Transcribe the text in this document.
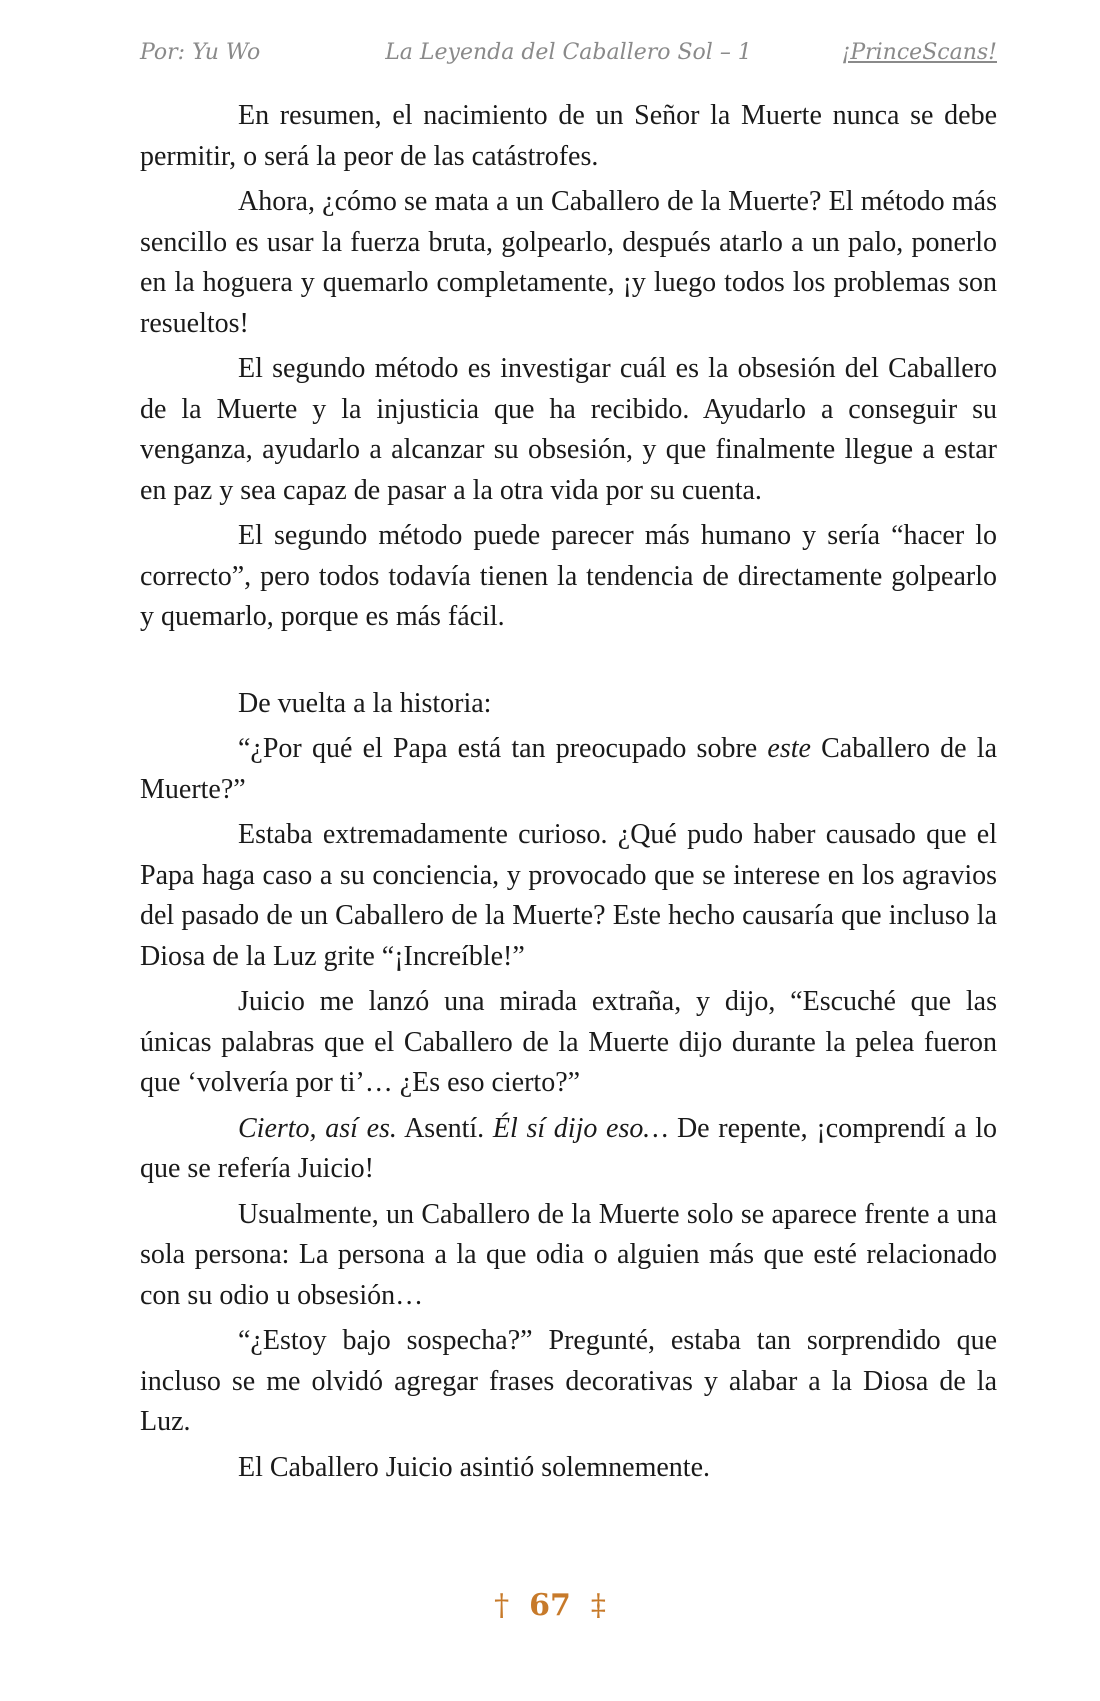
Por: Yu Wo	La Leyenda del Caballero Sol – 1	¡PrinceScans!

En resumen, el nacimiento de un Señor la Muerte nunca se debe permitir, o será la peor de las catástrofes.

Ahora, ¿cómo se mata a un Caballero de la Muerte? El método más sencillo es usar la fuerza bruta, golpearlo, después atarlo a un palo, ponerlo en la hoguera y quemarlo completamente, ¡y luego todos los problemas son resueltos!

El segundo método es investigar cuál es la obsesión del Caballero de la Muerte y la injusticia que ha recibido. Ayudarlo a conseguir su venganza, ayudarlo a alcanzar su obsesión, y que finalmente llegue a estar en paz y sea capaz de pasar a la otra vida por su cuenta.

El segundo método puede parecer más humano y sería “hacer lo correcto”, pero todos todavía tienen la tendencia de directamente golpearlo y quemarlo, porque es más fácil.

De vuelta a la historia:

“¿Por qué el Papa está tan preocupado sobre este Caballero de la Muerte?”

Estaba extremadamente curioso. ¿Qué pudo haber causado que el Papa haga caso a su conciencia, y provocado que se interese en los agravios del pasado de un Caballero de la Muerte? Este hecho causaría que incluso la Diosa de la Luz grite “¡Increíble!”

Juicio me lanzó una mirada extraña, y dijo, “Escuché que las únicas palabras que el Caballero de la Muerte dijo durante la pelea fueron que ‘volvería por ti’… ¿Es eso cierto?”

Cierto, así es. Asentí. Él sí dijo eso… De repente, ¡comprendí a lo que se refería Juicio!

Usualmente, un Caballero de la Muerte solo se aparece frente a una sola persona: La persona a la que odia o alguien más que esté relacionado con su odio u obsesión…

“¿Estoy bajo sospecha?” Pregunté, estaba tan sorprendido que incluso se me olvidó agregar frases decorativas y alabar a la Diosa de la Luz.

El Caballero Juicio asintió solemnemente.

† 67 ‡
